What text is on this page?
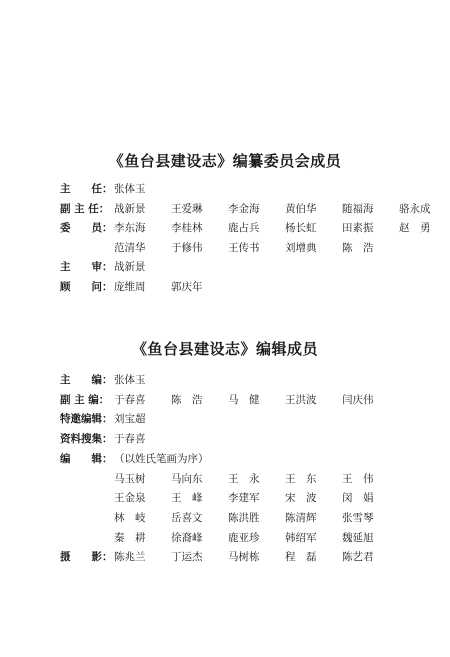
《鱼台县建设志》编纂委员会成员
主　　任： 张体玉
副 主 任： 战新景 王爱琳 李金海 黄伯华 随福海 骆永成
委　　员： 李东海 李桂林 鹿占兵 杨长虹 田素振 赵　勇
范清华 于修伟 王传书 刘增典 陈　浩
主　　审： 战新景
顾　　问： 庞维周 郭庆年
《鱼台县建设志》编辑成员
主　　编： 张体玉
副 主 编： 于春喜 陈　浩 马　健 王洪波 闫庆伟
特邀编辑： 刘宝超
资料搜集： 于春喜
编　　辑： （以姓氏笔画为序）
马玉树 马向东 王　永 王　东 王　伟
王金泉 王　峰 李建军 宋　波 闵　娟
林　岐 岳喜文 陈洪胜 陈清辉 张雪琴
秦　耕 徐裔峰 鹿亚珍 韩绍军 魏延旭
摄　　影： 陈兆兰 丁运杰 马树栋 程　磊 陈艺君
